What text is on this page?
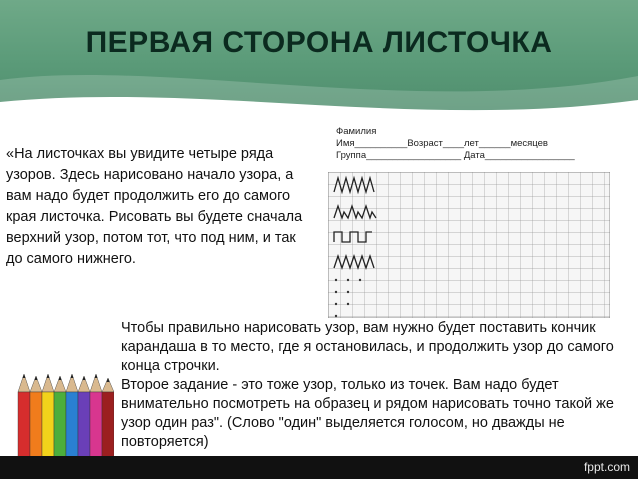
ПЕРВАЯ СТОРОНА ЛИСТОЧКА
«На листочках вы увидите четыре ряда узоров. Здесь нарисовано начало узора, а вам надо будет продолжить его до самого края листочка. Рисовать вы будете сначала верхний узор, потом тот, что под ним, и так до самого нижнего.
Фамилия
Имя__________Возраст____лет______месяцев
Группа__________________ Дата_________________
Чтобы правильно нарисовать узор, вам нужно будет поставить кончик карандаша в то место, где я остановилась, и продолжить узор до самого конца строчки.
Второе задание - это тоже узор, только из точек. Вам надо будет внимательно посмотреть на образец и рядом нарисовать точно такой же узор один раз". (Слово "один" выделяется голосом, но дважды не повторяется)
fppt.com
